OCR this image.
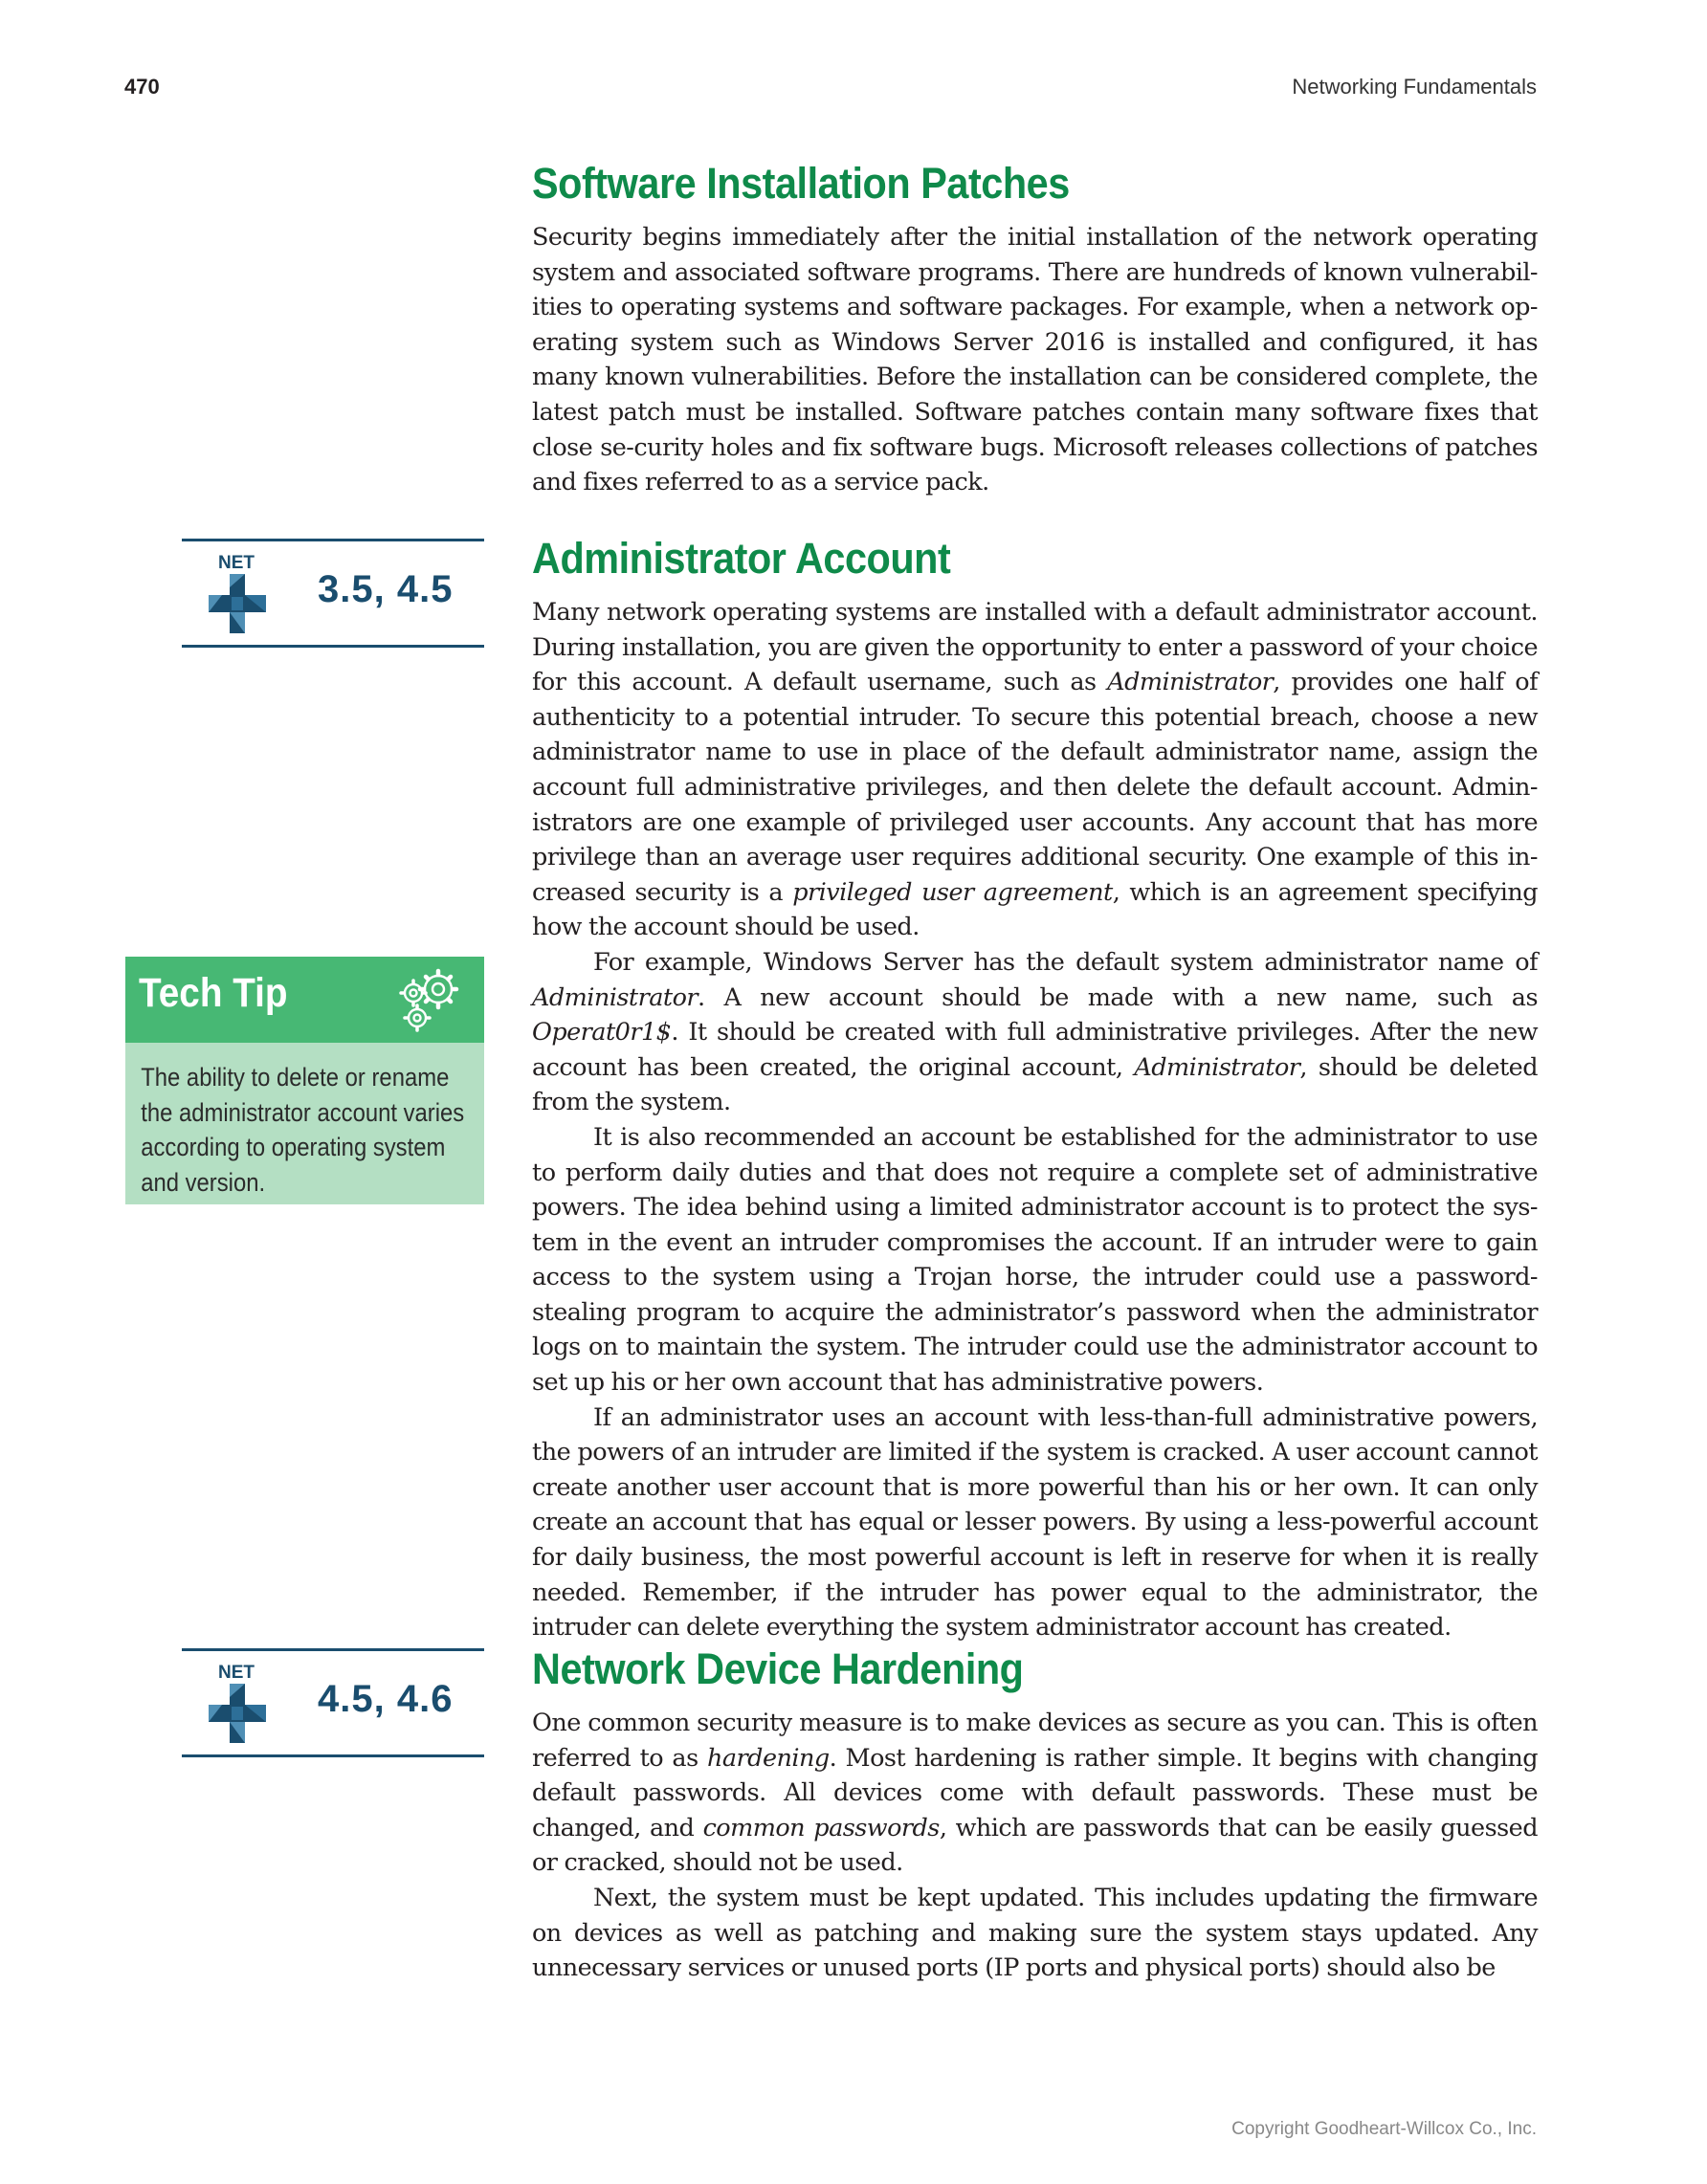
470	Networking Fundamentals
Software Installation Patches

Security begins immediately after the initial installation of the network operating system and associated software programs. There are hundreds of known vulnerabil-ities to operating systems and software packages. For example, when a network op-erating system such as Windows Server 2016 is installed and configured, it has many known vulnerabilities. Before the installation can be considered complete, the latest patch must be installed. Software patches contain many software fixes that close se-curity holes and fix software bugs. Microsoft releases collections of patches and fixes referred to as a service pack.

NET
3.5, 4.5
Administrator Account

Many network operating systems are installed with a default administrator account. During installation, you are given the opportunity to enter a password of your choice for this account. A default username, such as Administrator, provides one half of authenticity to a potential intruder. To secure this potential breach, choose a new administrator name to use in place of the default administrator name, assign the account full administrative privileges, and then delete the default account. Admin-istrators are one example of privileged user accounts. Any account that has more privilege than an average user requires additional security. One example of this in-creased security is a privileged user agreement, which is an agreement specifying how the account should be used.

For example, Windows Server has the default system administrator name of Administrator. A new account should be made with a new name, such as Operat0r1$. It should be created with full administrative privileges. After the new account has been created, the original account, Administrator, should be deleted from the system.

It is also recommended an account be established for the administrator to use to perform daily duties and that does not require a complete set of administrative powers. The idea behind using a limited administrator account is to protect the sys-tem in the event an intruder compromises the account. If an intruder were to gain access to the system using a Trojan horse, the intruder could use a password-stealing program to acquire the administrator’s password when the administrator logs on to maintain the system. The intruder could use the administrator account to set up his or her own account that has administrative powers.

If an administrator uses an account with less-than-full administrative powers, the powers of an intruder are limited if the system is cracked. A user account cannot create another user account that is more powerful than his or her own. It can only create an account that has equal or lesser powers. By using a less-powerful account for daily business, the most powerful account is left in reserve for when it is really needed. Remember, if the intruder has power equal to the administrator, the intruder can delete everything the system administrator account has created.

Tech Tip
The ability to delete or rename the administrator account varies according to operating system and version.
NET
4.5, 4.6
Network Device Hardening

One common security measure is to make devices as secure as you can. This is often referred to as hardening. Most hardening is rather simple. It begins with changing default passwords. All devices come with default passwords. These must be changed, and common passwords, which are passwords that can be easily guessed or cracked, should not be used.

Next, the system must be kept updated. This includes updating the firmware on devices as well as patching and making sure the system stays updated. Any unnecessary services or unused ports (IP ports and physical ports) should also be

Copyright Goodheart-Willcox Co., Inc.
